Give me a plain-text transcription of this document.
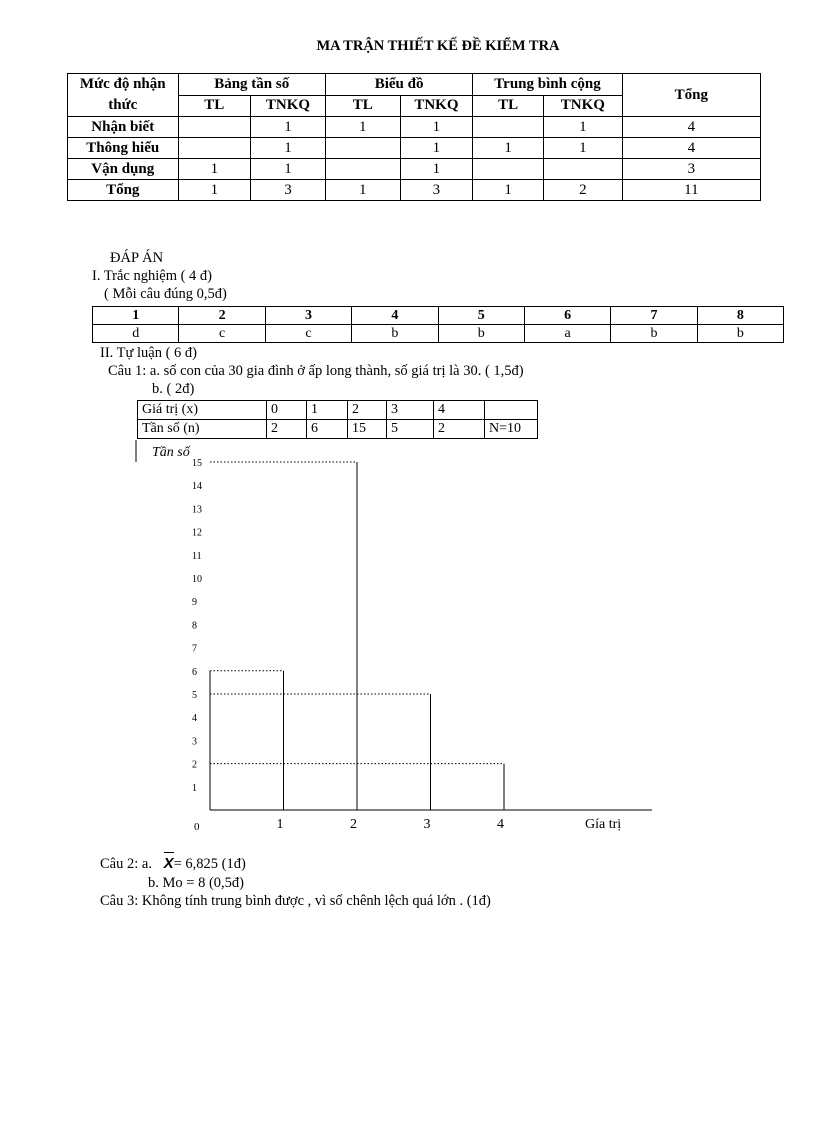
MA TRẬN THIẾT KẾ ĐỀ KIỂM TRA
Mức độ nhận
thức	Bảng tần số		Biểu đồ		Trung bình cộng		Tổng
	TL	TNKQ	TL	TNKQ	TL	TNKQ	
Nhận biết		1	1	1		1	4
Thông hiểu		1		1	1	1	4
Vận dụng	1	1		1			3
Tổng	1	3	1	3	1	2	11
ĐÁP ÁN
I. Trắc nghiệm ( 4 đ)
( Mỗi câu đúng 0,5đ)
1	2	3	4	5	6	7	8
d	c	c	b	b	a	b	b
II. Tự luận ( 6 đ)
Câu 1: a. số con của 30 gia đình ở ấp long thành, số giá trị là 30. ( 1,5đ)
b. ( 2đ)
Giá trị (x)	0	1	2	3	4	
Tần số (n)	2	6	15	5	2	N=10
Tần số
1
2
3
4
5
6
7
8
9
10
11
12
13
14
15
0	1	2	3	4	Gía trị
Câu 2: a. X= 6,825 (1đ)
b. Mo = 8 (0,5đ)
Câu 3: Không tính trung bình được , vì số chênh lệch quá lớn . (1đ)
